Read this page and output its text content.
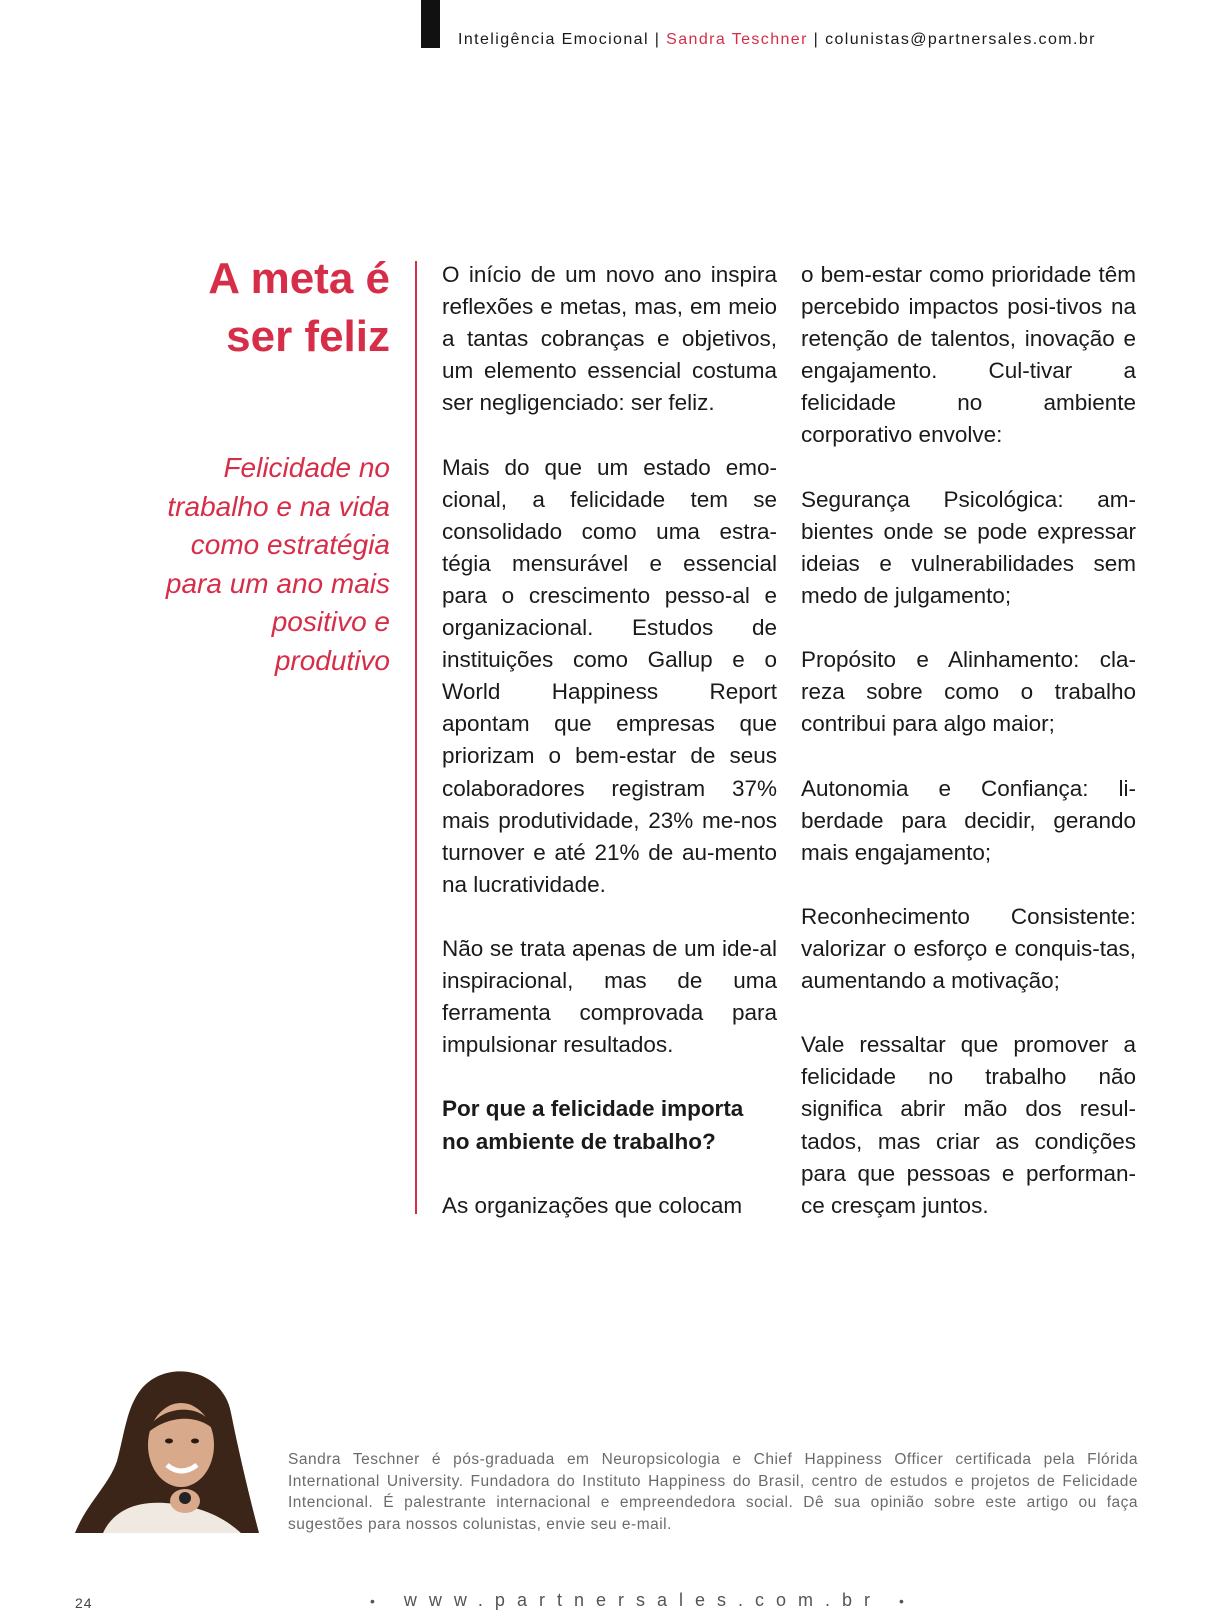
Inteligência Emocional | Sandra Teschner | colunistas@partnersales.com.br
A meta é
ser feliz
Felicidade no trabalho e na vida como estratégia para um ano mais positivo e produtivo

O início de um novo ano inspira reflexões e metas, mas, em meio a tantas cobranças e objetivos, um elemento essencial costuma ser negligenciado: ser feliz.

Mais do que um estado emo-cional, a felicidade tem se consolidado como uma estra-tégia mensurável e essencial para o crescimento pesso-al e organizacional. Estudos de instituições como Gallup e o World Happiness Report apontam que empresas que priorizam o bem-estar de seus colaboradores registram 37% mais produtividade, 23% me-nos turnover e até 21% de au-mento na lucratividade.

Não se trata apenas de um ide-al inspiracional, mas de uma ferramenta comprovada para impulsionar resultados.

Por que a felicidade importa no ambiente de trabalho?

As organizações que colocam

o bem-estar como prioridade têm percebido impactos posi-tivos na retenção de talentos, inovação e engajamento. Cul-tivar a felicidade no ambiente corporativo envolve:

Segurança Psicológica: am-bientes onde se pode expressar ideias e vulnerabilidades sem medo de julgamento;

Propósito e Alinhamento: cla-reza sobre como o trabalho contribui para algo maior;

Autonomia e Confiança: li-berdade para decidir, gerando mais engajamento;

Reconhecimento Consistente: valorizar o esforço e conquis-tas, aumentando a motivação;

Vale ressaltar que promover a felicidade no trabalho não significa abrir mão dos resul-tados, mas criar as condições para que pessoas e performan-ce cresçam juntos.

Sandra Teschner é pós-graduada em Neuropsicologia e Chief Happiness Officer certificada pela Flórida International University. Fundadora do Instituto Happiness do Brasil, centro de estudos e projetos de Felicidade Intencional. É palestrante internacional e empreendedora social. Dê sua opinião sobre este artigo ou faça sugestões para nossos colunistas, envie seu e-mail.
24	• www.partnersales.com.br •
